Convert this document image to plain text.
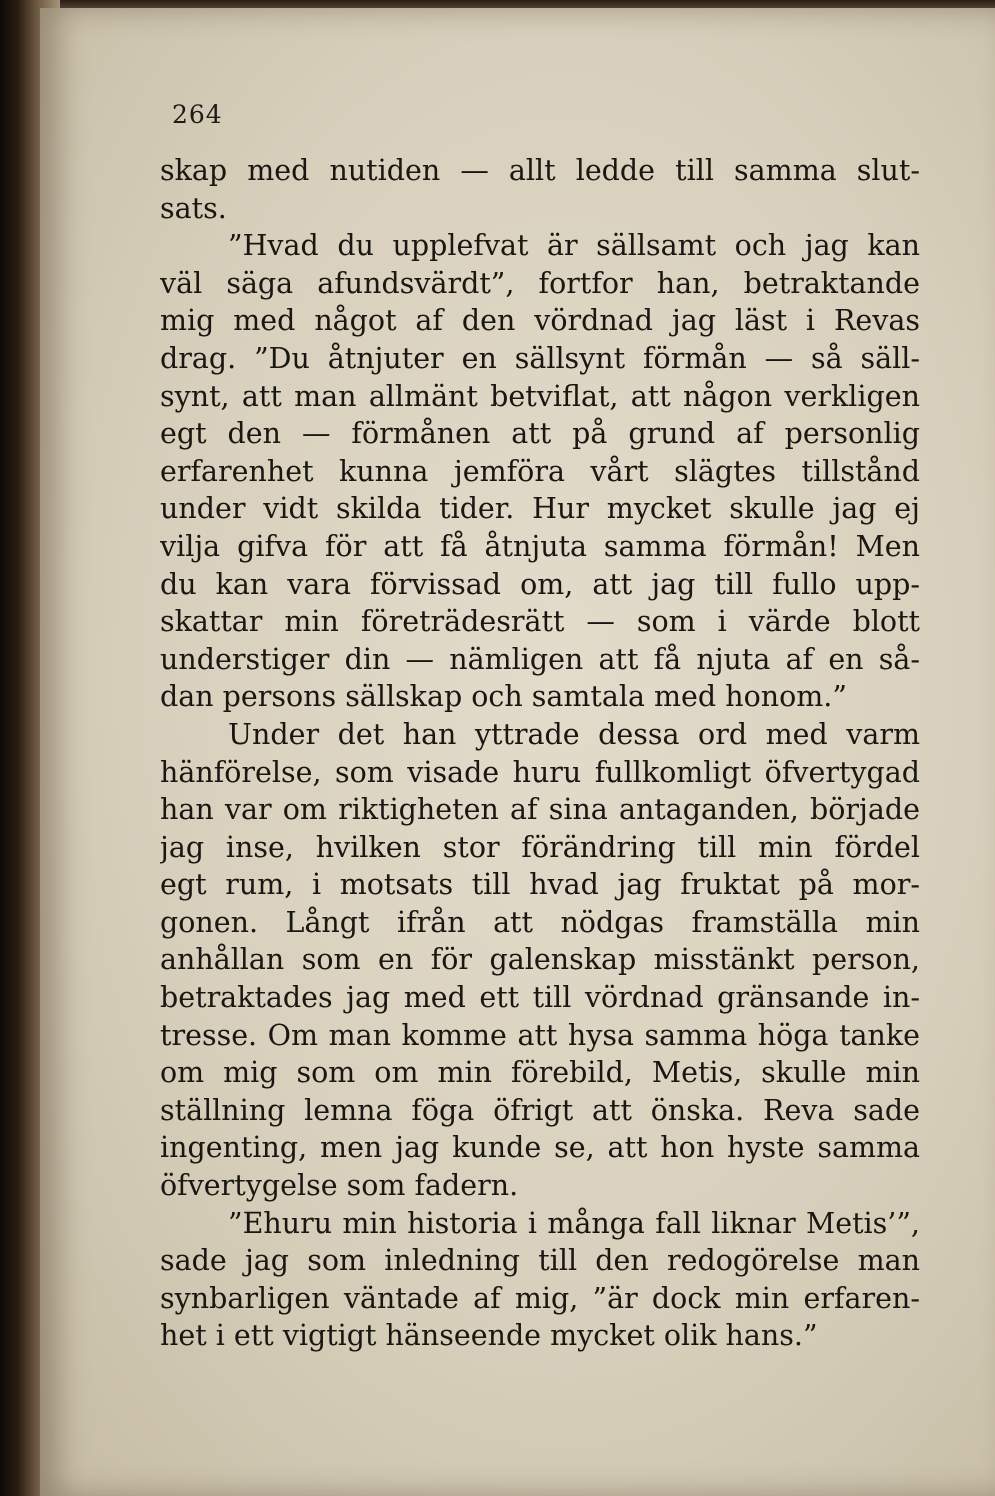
264
skap med nutiden — allt ledde till samma slut-
sats.
”Hvad du upplefvat är sällsamt och jag kan
väl säga afundsvärdt”, fortfor han, betraktande
mig med något af den vördnad jag läst i Revas
drag. ”Du åtnjuter en sällsynt förmån — så säll-
synt, att man allmänt betviflat, att någon verkligen
egt den — förmånen att på grund af personlig
erfarenhet kunna jemföra vårt slägtes tillstånd
under vidt skilda tider. Hur mycket skulle jag ej
vilja gifva för att få åtnjuta samma förmån! Men
du kan vara förvissad om, att jag till fullo upp-
skattar min företrädesrätt — som i värde blott
understiger din — nämligen att få njuta af en så-
dan persons sällskap och samtala med honom.”
Under det han yttrade dessa ord med varm
hänförelse, som visade huru fullkomligt öfvertygad
han var om riktigheten af sina antaganden, började
jag inse, hvilken stor förändring till min fördel
egt rum, i motsats till hvad jag fruktat på mor-
gonen. Långt ifrån att nödgas framställa min
anhållan som en för galenskap misstänkt person,
betraktades jag med ett till vördnad gränsande in-
tresse. Om man komme att hysa samma höga tanke
om mig som om min förebild, Metis, skulle min
ställning lemna föga öfrigt att önska. Reva sade
ingenting, men jag kunde se, att hon hyste samma
öfvertygelse som fadern.
”Ehuru min historia i många fall liknar Metis’”,
sade jag som inledning till den redogörelse man
synbarligen väntade af mig, ”är dock min erfaren-
het i ett vigtigt hänseende mycket olik hans.”
